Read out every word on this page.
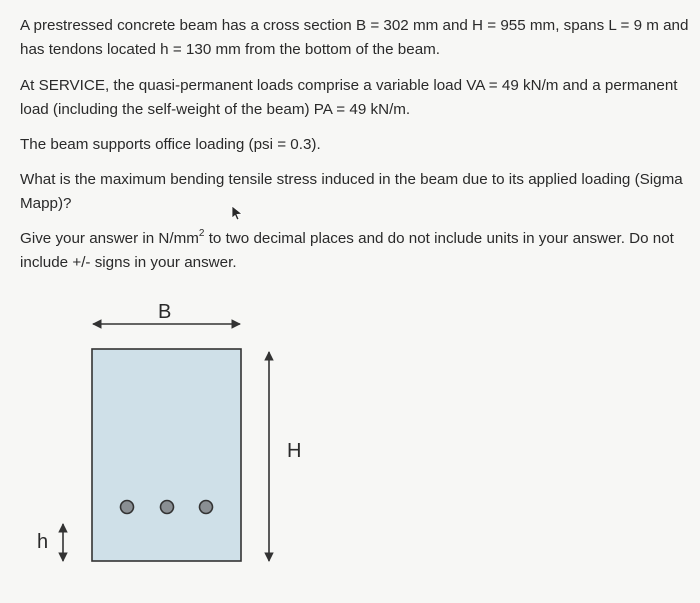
A prestressed concrete beam has a cross section B = 302 mm and H = 955 mm, spans L = 9 m and has tendons located h = 130 mm from the bottom of the beam.

At SERVICE, the quasi-permanent loads comprise a variable load VA = 49 kN/m and a permanent load (including the self-weight of the beam) PA = 49 kN/m.

The beam supports office loading (psi = 0.3).

What is the maximum bending tensile stress induced in the beam due to its applied loading (Sigma Mapp)?

Give your answer in $N/mm^2$ to two decimal places and do not include units in your answer. Do not include +/- signs in your answer.

B
H
h
